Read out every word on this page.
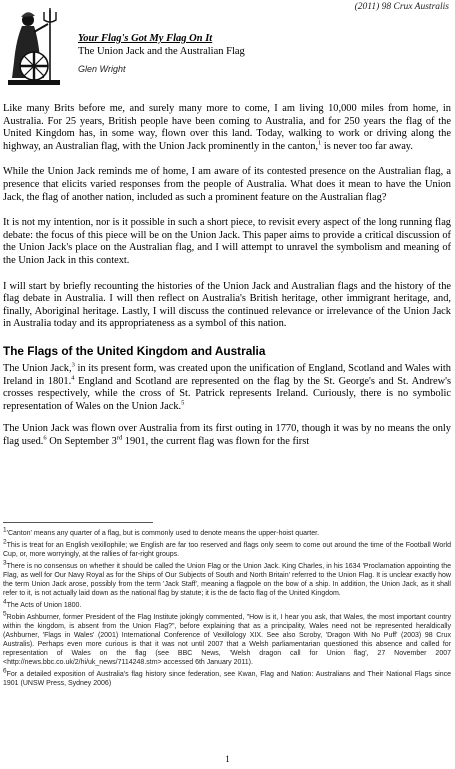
(2011) 98 Crux Australis
Your Flag's Got My Flag On It
The Union Jack and the Australian Flag
Glen Wright

Like many Brits before me, and surely many more to come, I am living 10,000 miles from home, in Australia. For 25 years, British people have been coming to Australia, and for 250 years the flag of the United Kingdom has, in some way, flown over this land. Today, walking to work or driving along the highway, an Australian flag, with the Union Jack prominently in the canton,$^1$ is never too far away.

While the Union Jack reminds me of home, I am aware of its contested presence on the Australian flag, a presence that elicits varied responses from the people of Australia. What does it mean to have the Union Jack, the flag of another nation, included as such a prominent feature on the Australian flag?

It is not my intention, nor is it possible in such a short piece, to revisit every aspect of the long running flag debate: the focus of this piece will be on the Union Jack. This paper aims to provide a critical discussion of the Union Jack's place on the Australian flag, and I will attempt to unravel the symbolism and meaning of the Union Jack in this context.

I will start by briefly recounting the histories of the Union Jack and Australian flags and the history of the flag debate in Australia. I will then reflect on Australia's British heritage, other immigrant heritage, and, finally, Aboriginal heritage. Lastly, I will discuss the continued relevance or irrelevance of the Union Jack in Australia today and its appropriateness as a symbol of this nation.

The Flags of the United Kingdom and Australia

The Union Jack,$^3$ in its present form, was created upon the unification of England, Scotland and Wales with Ireland in 1801.$^4$ England and Scotland are represented on the flag by the St. George's and St. Andrew's crosses respectively, while the cross of St. Patrick represents Ireland. Curiously, there is no symbolic representation of Wales on the Union Jack.$^5$

The Union Jack was flown over Australia from its first outing in 1770, though it was by no means the only flag used.$^6$ On September 3rd 1901, the current flag was flown for the first

$^1$'Canton' means any quarter of a flag, but is commonly used to denote means the upper-hoist quarter.

$^2$This is treat for an English vexillophile; we English are far too reserved and flags only seem to come out around the time of the Football World Cup, or, more worryingly, at the rallies of far-right groups.

$^3$There is no consensus on whether it should be called the Union Flag or the Union Jack. King Charles, in his 1634 'Proclamation appointing the Flag, as well for Our Navy Royal as for the Ships of Our Subjects of South and North Britain' referred to the Union Flag. It is unclear exactly how the term Union Jack arose, possibly from the term 'Jack Staff', meaning a flagpole on the bow of a ship. In addition, the Union Jack, as it shall refer to it, is not actually laid down as the national flag by statute; it is the de facto flag of the United Kingdom.

$^4$The Acts of Union 1800.

$^5$Robin Ashburner, former President of the Flag Institute jokingly commented, "How is it, I hear you ask, that Wales, the most important country within the kingdom, is absent from the Union Flag?", before explaining that as a principality, Wales need not be represented heraldically (Ashburner, 'Flags in Wales' (2001) International Conference of Vexillology XIX. See also Scroby, 'Dragon With No Puff' (2003) 98 Crux Australis). Perhaps even more curious is that it was not until 2007 that a Welsh parliamentarian questioned this absence and called for representation of Wales on the flag (see BBC News, 'Welsh dragon call for Union flag', 27 November 2007 <http://news.bbc.co.uk/2/hi/uk_news/7114248.stm> accessed 6th January 2011).

$^6$For a detailed exposition of Australia's flag history since federation, see Kwan, Flag and Nation: Australians and Their National Flags since 1901 (UNSW Press, Sydney 2006)

1
